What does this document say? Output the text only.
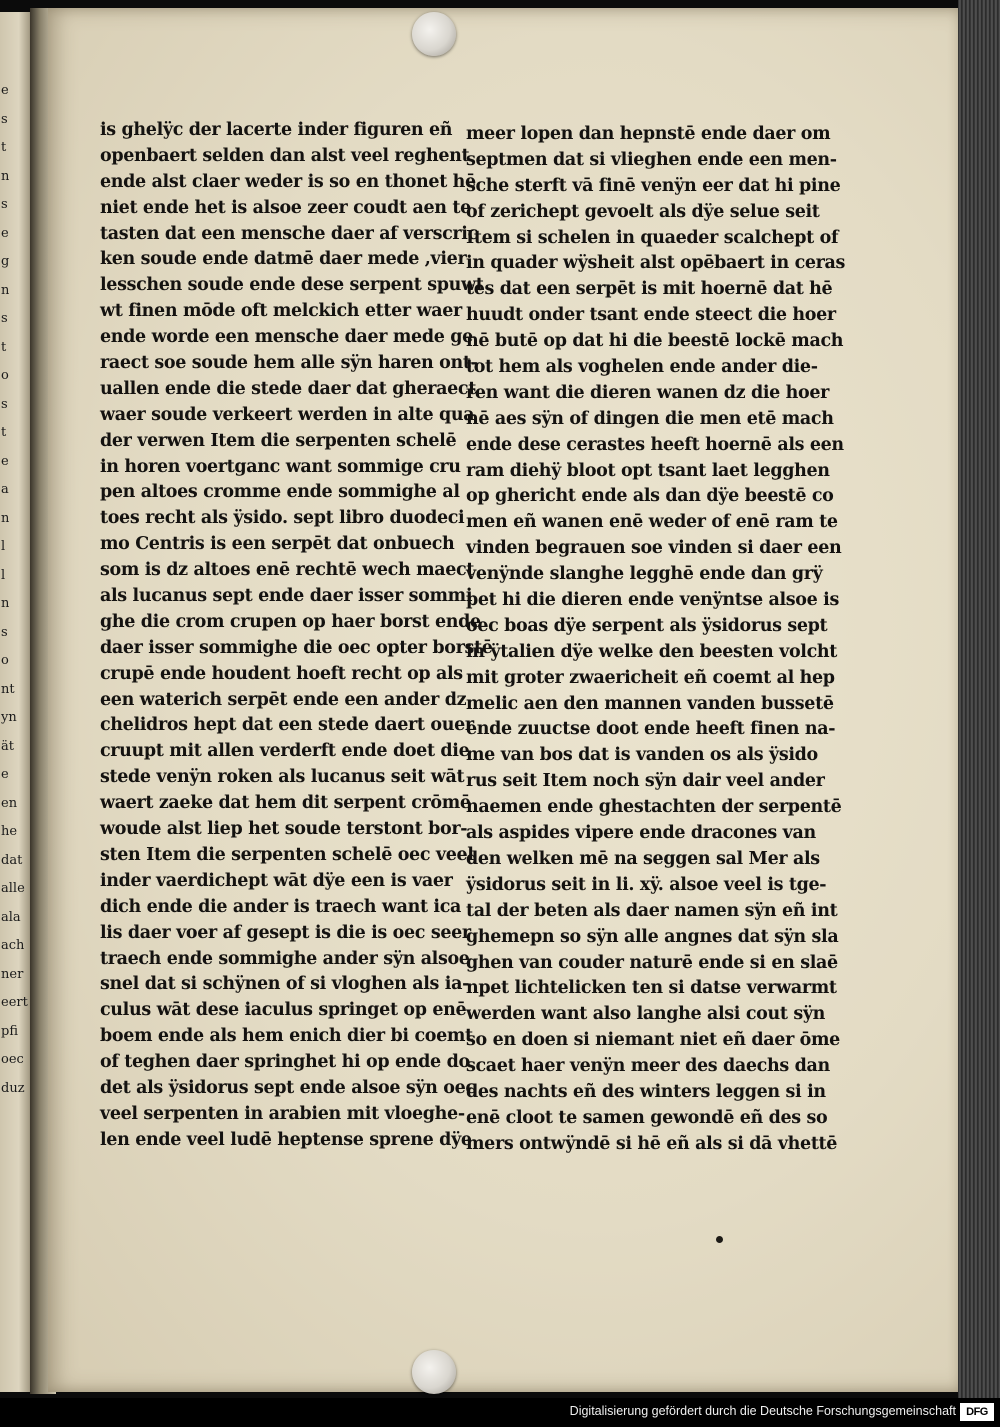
e
s
t
n
s
e
g
n
s
t
o
s
t
e
a
n
l
l
n
s
o
nt
yn
ät
e
en
he
dat
alle
ala
ach
ner
eert
pfi
oec
duz
is ghelÿc der lacerte inder figuren eñ
openbaert selden dan alst veel reghent
ende alst claer weder is so en thonet hē
niet ende het is alsoe zeer coudt aen te
tasten dat een mensche daer af verscric
ken soude ende datmē daer mede ,vier
lesschen soude ende dese serpent spuwt
wt finen mōde oft melckich etter waer
ende worde een mensche daer mede ge
raect soe soude hem alle sÿn haren ont-
uallen ende die stede daer dat gheraect
waer soude verkeert werden in alte qua
der verwen Item die serpenten schelē
in horen voertganc want sommige cru
pen altoes cromme ende sommighe al
toes recht als ÿsido. sept libro duodeci
mo Centris is een serpēt dat onbuech
som is dz altoes enē rechtē wech maect
als lucanus sept ende daer isser sommi
ghe die crom crupen op haer borst ende
daer isser sommighe die oec opter borstē
crupē ende houdent hoeft recht op als
een waterich serpēt ende een ander dz
chelidros hept dat een stede daert ouer
cruupt mit allen verderft ende doet die
stede venÿn roken als lucanus seit wāt
waert zaeke dat hem dit serpent crōmē
woude alst liep het soude terstont bor-
sten Item die serpenten schelē oec veel
inder vaerdichept wāt dÿe een is vaer
dich ende die ander is traech want ica
lis daer voer af gesept is die is oec seer
traech ende sommighe ander sÿn alsoe
snel dat si schÿnen of si vloghen als ia-
culus wāt dese iaculus springet op enē
boem ende als hem enich dier bi coemt
of teghen daer springhet hi op ende do
det als ÿsidorus sept ende alsoe sÿn oec
veel serpenten in arabien mit vloeghe-
len ende veel ludē heptense sprene dÿe
meer lopen dan hepnstē ende daer om
septmen dat si vlieghen ende een men-
sche sterft vā finē venÿn eer dat hi pine
of zerichept gevoelt als dÿe selue seit
Item si schelen in quaeder scalchept of
in quader wÿsheit alst opēbaert in ceras
tes dat een serpēt is mit hoernē dat hē
huudt onder tsant ende steect die hoer
nē butē op dat hi die beestē lockē mach
tot hem als voghelen ende ander die-
ren want die dieren wanen dz die hoer
nē aes sÿn of dingen die men etē mach
ende dese cerastes heeft hoernē als een
ram diehÿ bloot opt tsant laet legghen
op ghericht ende als dan dÿe beestē co
men eñ wanen enē weder of enē ram te
vinden begrauen soe vinden si daer een
venÿnde slanghe legghē ende dan grÿ
pet hi die dieren ende venÿntse alsoe is
oec boas dÿe serpent als ÿsidorus sept
in ÿtalien dÿe welke den beesten volcht
mit groter zwaericheit eñ coemt al hep
melic aen den mannen vanden bussetē
ende zuuctse doot ende heeft finen na-
me van bos dat is vanden os als ÿsido
rus seit Item noch sÿn dair veel ander
naemen ende ghestachten der serpentē
als aspides vipere ende dracones van
den welken mē na seggen sal Mer als
ÿsidorus seit in li. xÿ. alsoe veel is tge-
tal der beten als daer namen sÿn eñ int
ghemepn so sÿn alle angnes dat sÿn sla
ghen van couder naturē ende si en slaē
npet lichtelicken ten si datse verwarmt
werden want also langhe alsi cout sÿn
so en doen si niemant niet eñ daer ōme
scaet haer venÿn meer des daechs dan
des nachts eñ des winters leggen si in
enē cloot te samen gewondē eñ des so
mers ontwÿndē si hē eñ als si dā vhettē
Digitalisierung gefördert durch die Deutsche Forschungsgemeinschaft DFG
